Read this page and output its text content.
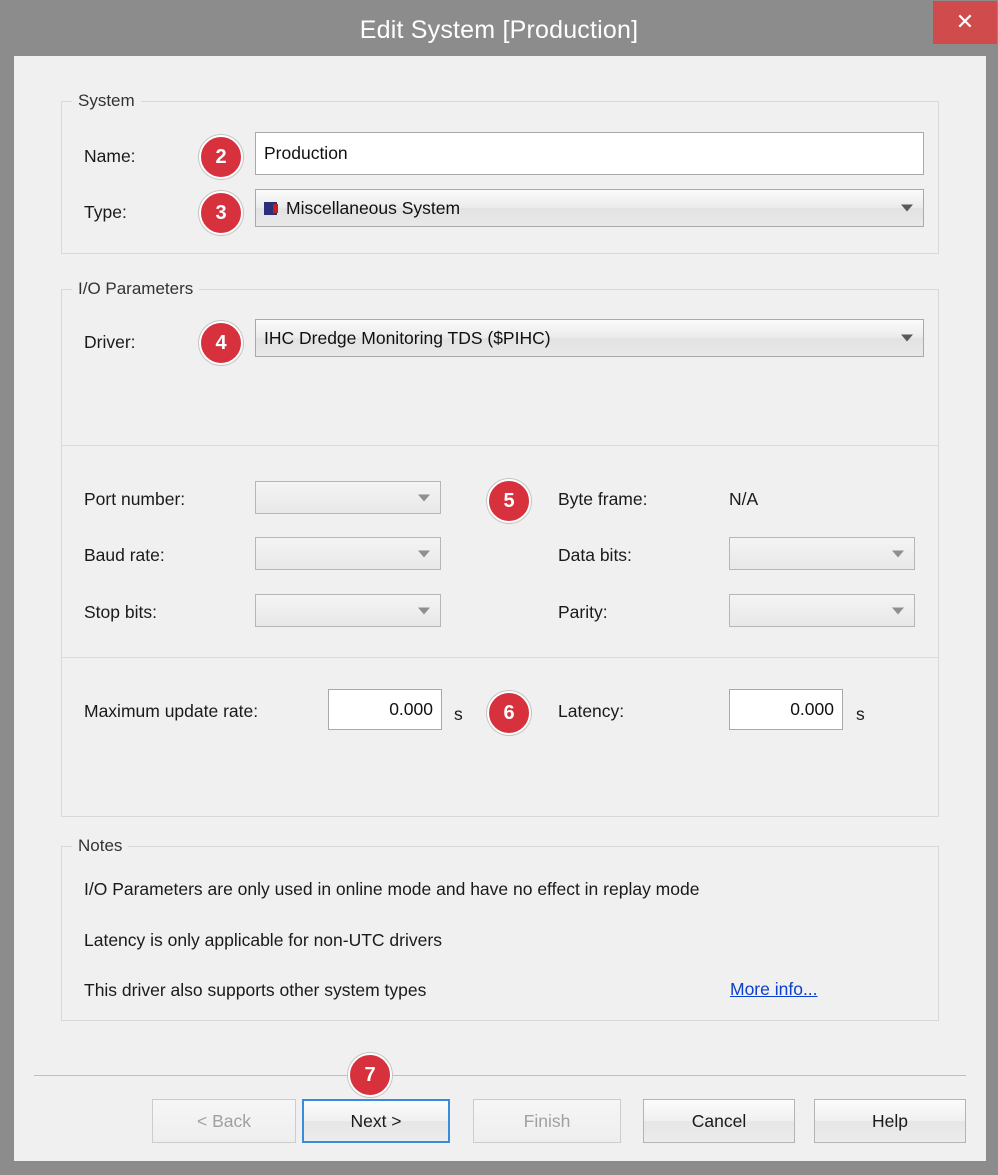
Edit System [Production]	✕
System
Name:	Production
Type:	Miscellaneous System
I/O Parameters
Driver:	IHC Dredge Monitoring TDS ($PIHC)
Port number:	Byte frame:	N/A
Baud rate:	Data bits:
Stop bits:	Parity:
Maximum update rate:	0.000	s	Latency:	0.000	s
Notes
I/O Parameters are only used in online mode and have no effect in replay mode
Latency is only applicable for non-UTC drivers
This driver also supports other system types	More info...
< Back	Next >	Finish	Cancel	Help
2
3
4
5
6
7
